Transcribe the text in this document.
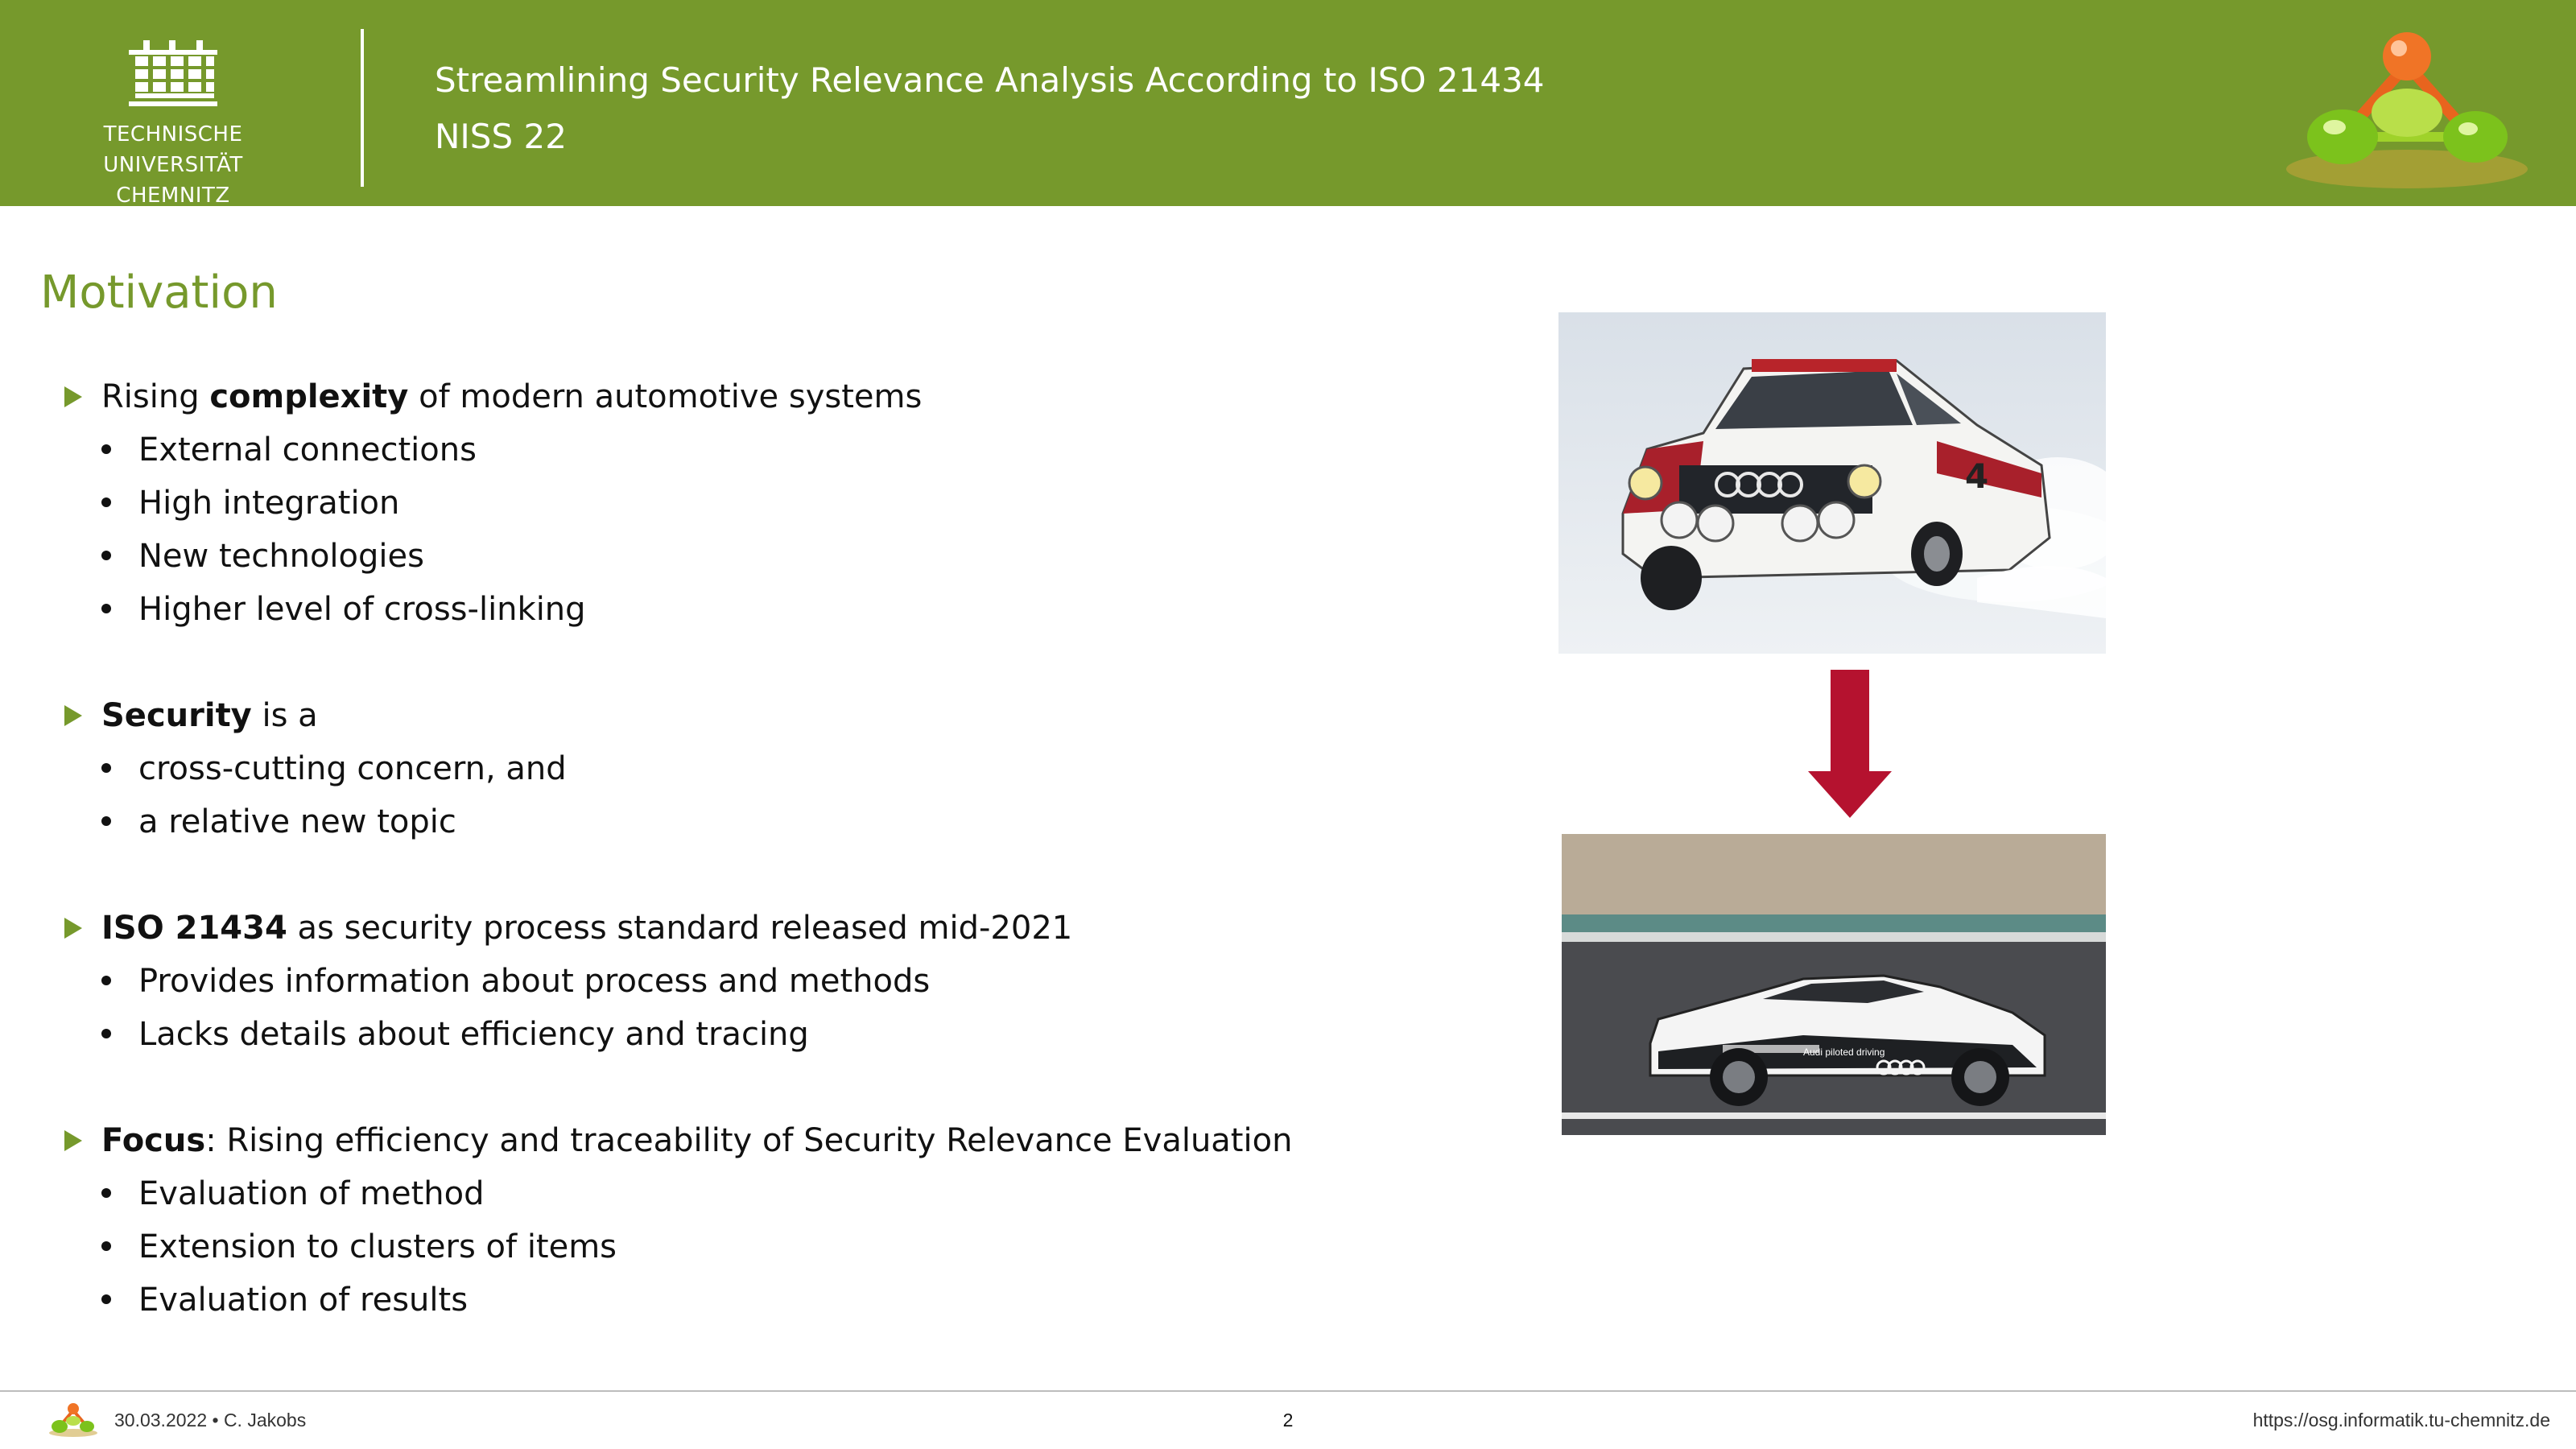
TECHNISCHE UNIVERSITÄT
CHEMNITZ
Streamlining Security Relevance Analysis According to ISO 21434
NISS 22
Motivation
Rising complexity of modern automotive systems
External connections
High integration
New technologies
Higher level of cross-linking
Security is a
cross-cutting concern, and
a relative new topic
ISO 21434 as security process standard released mid-2021
Provides information about process and methods
Lacks details about efficiency and tracing
Focus: Rising efficiency and traceability of Security Relevance Evaluation
Evaluation of method
Extension to clusters of items
Evaluation of results
4
Audi piloted driving
30.03.2022 • C. Jakobs	2	https://osg.informatik.tu-chemnitz.de
